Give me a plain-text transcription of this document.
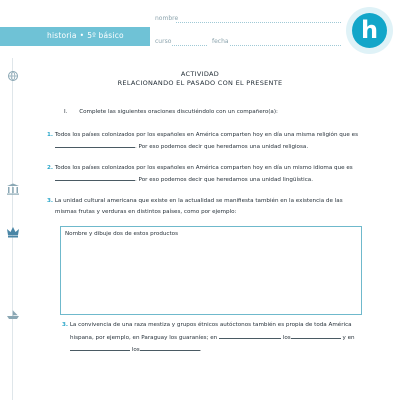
historia • 5º básico
nombre
curso	fecha	h
ACTIVIDAD
RELACIONANDO EL PASADO CON EL PRESENTE
I. Complete las siguientes oraciones discutiéndolo con un compañero(a):
1. Todos los países colonizados por los españoles en América comparten hoy en día una misma religión que es
. Por eso podemos decir que heredamos una unidad religiosa.
2. Todos los países colonizados por los españoles en América comparten hoy en día un mismo idioma que es
. Por eso podemos decir que heredamos una unidad lingüística.
3. La unidad cultural americana que existe en la actualidad se manifiesta también en la existencia de las
mismas frutas y verduras en distintos países, como por ejemplo:
Nombre y dibuje dos de estos productos
3. La convivencia de una raza mestiza y grupos étnicos autóctonos también es propia de toda América
hispana, por ejemplo, en Paraguay los guaraníes; en	los	y en
los	.
